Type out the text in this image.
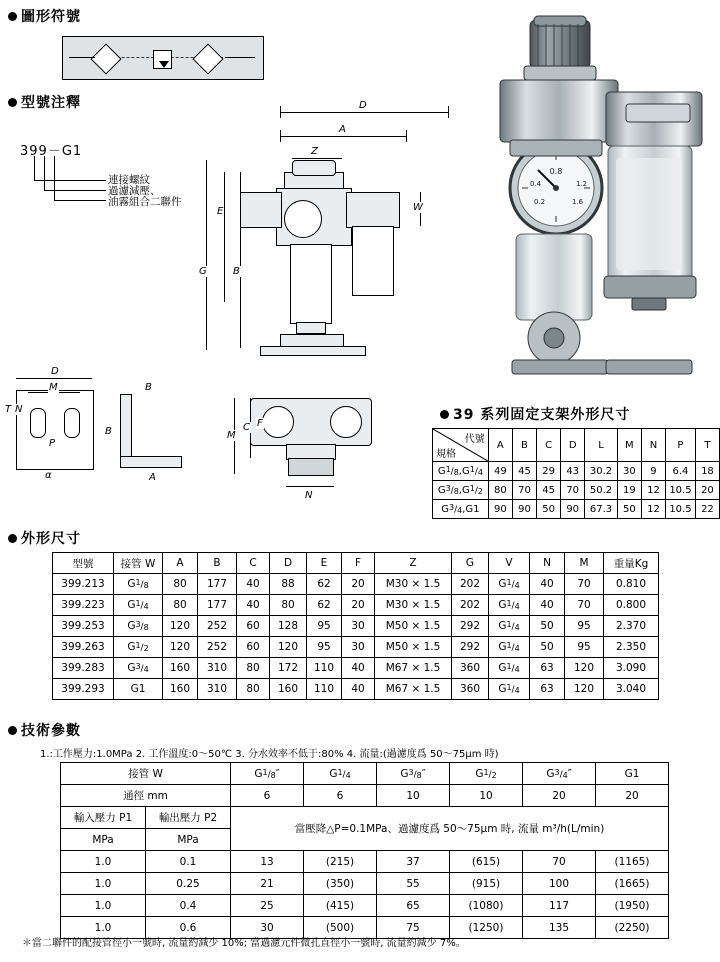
圖形符號
型號注釋
399－G1
連接螺紋
過濾減壓、
油霧組合二聯件
D
A
Z
E
B
G
W
D
M
T N
P
α
B
B
A
M
C F
N
0.8
0.4	1.2
0.2	1.6
39 系列固定支架外形尺寸
代號
規格	A	B	C	D	L	M	N	P	T
$G^1/_8,G^1/_4$	49	45	29	43	30.2	30	9	6.4	18
$G^3/_8,G^1/_2$	80	70	45	70	50.2	19	12	10.5	20
$G^3/_4,G1$	90	90	50	90	67.3	50	12	10.5	22
外形尺寸
型號	接管 W	A	B	C	D	E	F	Z	G	V	N	M	重量Kg
399.213	$G^1/_8$	80	177	40	88	62	20	M30 × 1.5	202	$G^1/_4$	40	70	0.810
399.223	$G^1/_4$	80	177	40	80	62	20	M30 × 1.5	202	$G^1/_4$	40	70	0.800
399.253	$G^3/_8$	120	252	60	128	95	30	M50 × 1.5	292	$G^1/_4$	50	95	2.370
399.263	$G^1/_2$	120	252	60	120	95	30	M50 × 1.5	292	$G^1/_4$	50	95	2.350
399.283	$G^3/_4$	160	310	80	172	110	40	M67 × 1.5	360	$G^1/_4$	63	120	3.090
399.293	G1	160	310	80	160	110	40	M67 × 1.5	360	$G^1/_4$	63	120	3.040
技術參數
1.:工作壓力:1.0MPa 2. 工作溫度:0～50℃ 3. 分水效率不低于:80% 4. 流量:(過濾度爲 50～75μm 時)
接管 W		$G^1/_8''$	$G^1/_4$	$G^3/_8''$	$G^1/_2$	$G^3/_4''$	G1
通徑 mm		6	6	10	10	20	20
輸入壓力 P1	輸出壓力 P2	當壓降△P=0.1MPa、過濾度爲 50～75μm 時, 流量 m³/h(L/min)					
MPa	MPa						
1.0	0.1	13	(215)	37	(615)	70	(1165)
1.0	0.25	21	(350)	55	(915)	100	(1665)
1.0	0.4	25	(415)	65	(1080)	117	(1950)
1.0	0.6	30	(500)	75	(1250)	135	(2250)
＊當二聯件的配接管徑小一號時, 流量約減少 10%; 當過濾元件微孔直徑小一號時, 流量約減少 7%。
